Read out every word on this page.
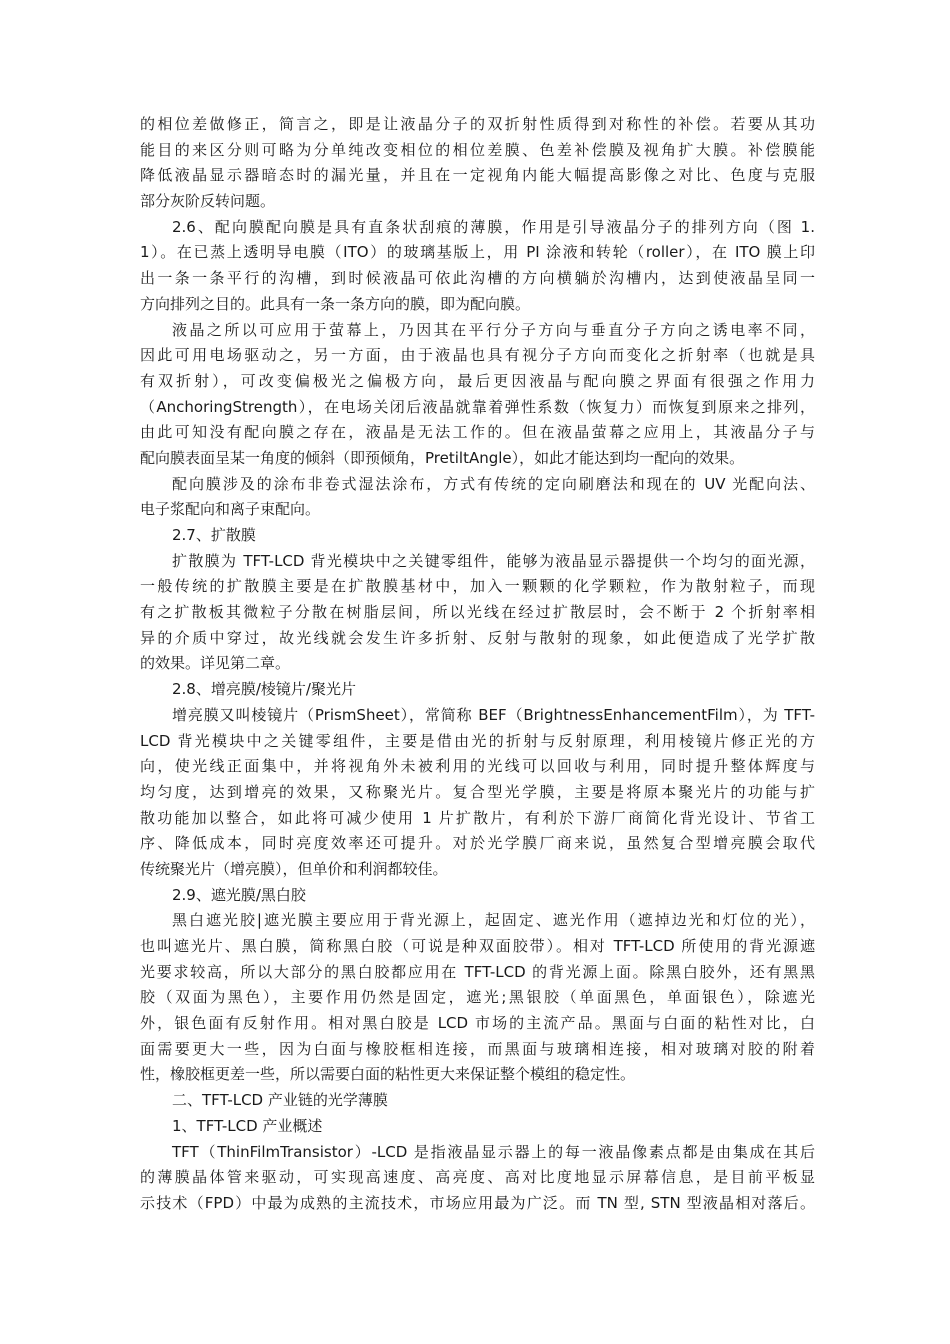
的相位差做修正，简言之，即是让液晶分子的双折射性质得到对称性的补偿。若要从其功
能目的来区分则可略为分单纯改变相位的相位差膜、色差补偿膜及视角扩大膜。补偿膜能
降低液晶显示器暗态时的漏光量，并且在一定视角内能大幅提高影像之对比、色度与克服
部分灰阶反转问题。
2.6、配向膜配向膜是具有直条状刮痕的薄膜，作用是引导液晶分子的排列方向（图 1.
1）。在已蒸上透明导电膜（ITO）的玻璃基版上，用 PI 涂液和转轮（roller），在 ITO 膜上印
出一条一条平行的沟槽，到时候液晶可依此沟槽的方向横躺於沟槽内，达到使液晶呈同一
方向排列之目的。此具有一条一条方向的膜，即为配向膜。
液晶之所以可应用于萤幕上，乃因其在平行分子方向与垂直分子方向之诱电率不同，
因此可用电场驱动之，另一方面，由于液晶也具有视分子方向而变化之折射率（也就是具
有双折射），可改变偏极光之偏极方向，最后更因液晶与配向膜之界面有很强之作用力
（AnchoringStrength），在电场关闭后液晶就靠着弹性系数（恢复力）而恢复到原来之排列，
由此可知没有配向膜之存在，液晶是无法工作的。但在液晶萤幕之应用上，其液晶分子与
配向膜表面呈某一角度的倾斜（即预倾角，PretiltAngle），如此才能达到均一配向的效果。
配向膜涉及的涂布非卷式湿法涂布，方式有传统的定向刷磨法和现在的 UV 光配向法、
电子浆配向和离子束配向。
2.7、扩散膜
扩散膜为 TFT-LCD 背光模块中之关键零组件，能够为液晶显示器提供一个均匀的面光源，
一般传统的扩散膜主要是在扩散膜基材中，加入一颗颗的化学颗粒，作为散射粒子，而现
有之扩散板其微粒子分散在树脂层间，所以光线在经过扩散层时，会不断于 2 个折射率相
异的介质中穿过，故光线就会发生许多折射、反射与散射的现象，如此便造成了光学扩散
的效果。详见第二章。
2.8、增亮膜/棱镜片/聚光片
增亮膜又叫棱镜片（PrismSheet），常简称 BEF（BrightnessEnhancementFilm），为 TFT-
LCD 背光模块中之关键零组件，主要是借由光的折射与反射原理，利用棱镜片修正光的方
向，使光线正面集中，并将视角外未被利用的光线可以回收与利用，同时提升整体辉度与
均匀度，达到增亮的效果，又称聚光片。复合型光学膜，主要是将原本聚光片的功能与扩
散功能加以整合，如此将可减少使用 1 片扩散片，有利於下游厂商简化背光设计、节省工
序、降低成本，同时亮度效率还可提升。对於光学膜厂商来说，虽然复合型增亮膜会取代
传统聚光片（增亮膜），但单价和利润都较佳。
2.9、遮光膜/黑白胶
黑白遮光胶|遮光膜主要应用于背光源上，起固定、遮光作用（遮掉边光和灯位的光），
也叫遮光片、黑白膜，简称黑白胶（可说是种双面胶带）。相对 TFT-LCD 所使用的背光源遮
光要求较高，所以大部分的黑白胶都应用在 TFT-LCD 的背光源上面。除黑白胶外，还有黑黑
胶（双面为黑色），主要作用仍然是固定，遮光;黑银胶（单面黑色，单面银色），除遮光
外，银色面有反射作用。相对黑白胶是 LCD 市场的主流产品。黑面与白面的粘性对比，白
面需要更大一些，因为白面与橡胶框相连接，而黑面与玻璃相连接，相对玻璃对胶的附着
性，橡胶框更差一些，所以需要白面的粘性更大来保证整个模组的稳定性。
二、TFT-LCD 产业链的光学薄膜
1、TFT-LCD 产业概述
TFT（ThinFilmTransistor）-LCD 是指液晶显示器上的每一液晶像素点都是由集成在其后
的薄膜晶体管来驱动，可实现高速度、高亮度、高对比度地显示屏幕信息，是目前平板显
示技术（FPD）中最为成熟的主流技术，市场应用最为广泛。而 TN 型, STN 型液晶相对落后。
